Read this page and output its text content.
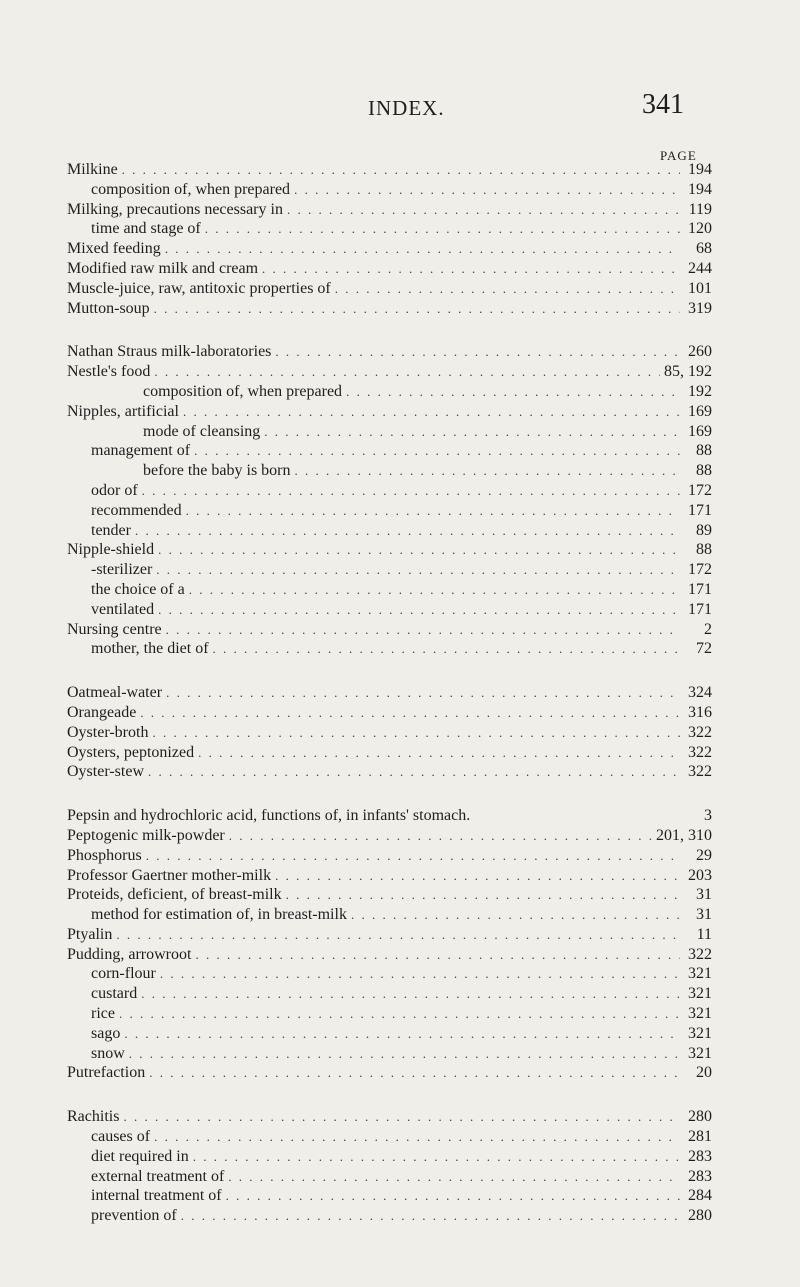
INDEX.	341
PAGE
Milkine . . .	194
composition of, when prepared . . .	194
Milking, precautions necessary in . . .	119
time and stage of . . .	120
Mixed feeding . . .	68
Modified raw milk and cream . . .	244
Muscle-juice, raw, antitoxic properties of . . .	101
Mutton-soup . . .	319
Nathan Straus milk-laboratories . . .	260
Nestle's food . . .	85, 192
composition of, when prepared . . .	192
Nipples, artificial . . .	169
mode of cleansing . . .	169
management of . . .	88
before the baby is born . . .	88
odor of . . .	172
recommended . . .	171
tender . . .	89
Nipple-shield . . .	88
-sterilizer . . .	172
the choice of a . . .	171
ventilated . . .	171
Nursing centre . . .	2
mother, the diet of . . .	72
Oatmeal-water . . .	324
Orangeade . . .	316
Oyster-broth . . .	322
Oysters, peptonized . . .	322
Oyster-stew . . .	322
Pepsin and hydrochloric acid, functions of, in infants' stomach.	3
Peptogenic milk-powder . . .	201, 310
Phosphorus . . .	29
Professor Gaertner mother-milk . . .	203
Proteids, deficient, of breast-milk . . .	31
method for estimation of, in breast-milk . . .	31
Ptyalin . . .	11
Pudding, arrowroot . . .	322
corn-flour . . .	321
custard . . .	321
rice . . .	321
sago . . .	321
snow . . .	321
Putrefaction . . .	20
Rachitis . . .	280
causes of . . .	281
diet required in . . .	283
external treatment of . . .	283
internal treatment of . . .	284
prevention of . . .	280
